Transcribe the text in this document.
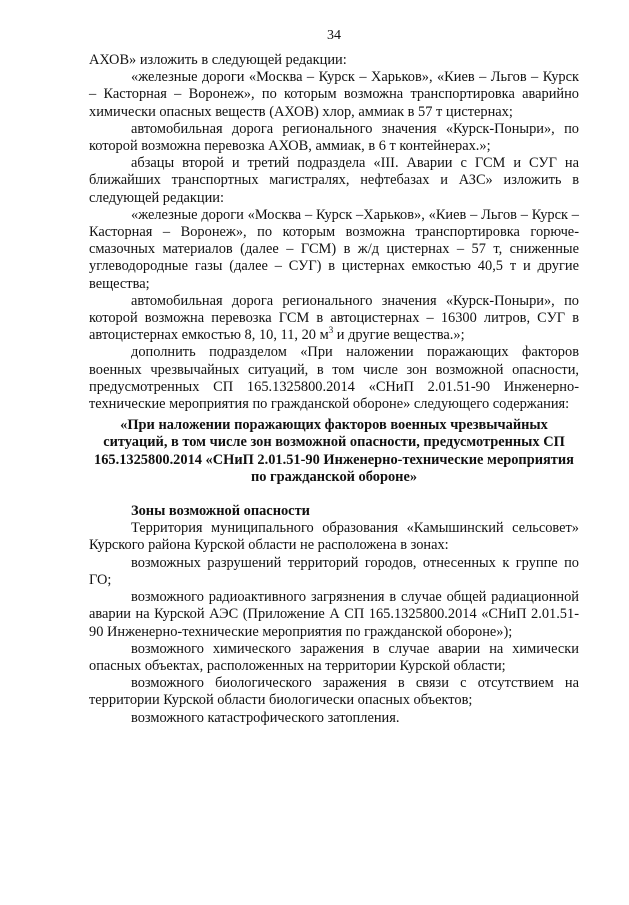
34

АХОВ» изложить в следующей редакции:

«железные дороги «Москва – Курск – Харьков», «Киев – Льгов – Курск – Касторная – Воронеж», по которым возможна транспортировка аварийно химически опасных веществ (АХОВ) хлор, аммиак в 57 т цистернах;

автомобильная дорога регионального значения «Курск-Поныри», по которой возможна перевозка АХОВ, аммиак, в 6 т контейнерах.»;

абзацы второй и третий подраздела «III. Аварии с ГСМ и СУГ на ближайших транспортных магистралях, нефтебазах и АЗС» изложить в следующей редакции:

«железные дороги «Москва – Курск –Харьков», «Киев – Льгов – Курск – Касторная – Воронеж», по которым возможна транспортировка горюче-смазочных материалов (далее – ГСМ) в ж/д цистернах – 57 т, сниженные углеводородные газы (далее – СУГ) в цистернах емкостью 40,5 т и другие вещества;

автомобильная дорога регионального значения «Курск-Поныри», по которой возможна перевозка ГСМ в автоцистернах – 16300 литров, СУГ в автоцистернах емкостью 8, 10, 11, 20 $м^3$ и другие вещества.»;

дополнить подразделом «При наложении поражающих факторов военных чрезвычайных ситуаций, в том числе зон возможной опасности, предусмотренных СП 165.1325800.2014 «СНиП 2.01.51-90 Инженерно-технические мероприятия по гражданской обороне» следующего содержания:

«При наложении поражающих факторов военных чрезвычайных ситуаций, в том числе зон возможной опасности, предусмотренных СП 165.1325800.2014 «СНиП 2.01.51-90 Инженерно-технические мероприятия по гражданской обороне»

Зоны возможной опасности

Территория муниципального образования «Камышинский сельсовет» Курского района Курской области не расположена в зонах:

возможных разрушений территорий городов, отнесенных к группе по ГО;

возможного радиоактивного загрязнения в случае общей радиационной аварии на Курской АЭС (Приложение А СП 165.1325800.2014 «СНиП 2.01.51-90 Инженерно-технические мероприятия по гражданской обороне»);

возможного химического заражения в случае аварии на химически опасных объектах, расположенных на территории Курской области;

возможного биологического заражения в связи с отсутствием на территории Курской области биологически опасных объектов;

возможного катастрофического затопления.
